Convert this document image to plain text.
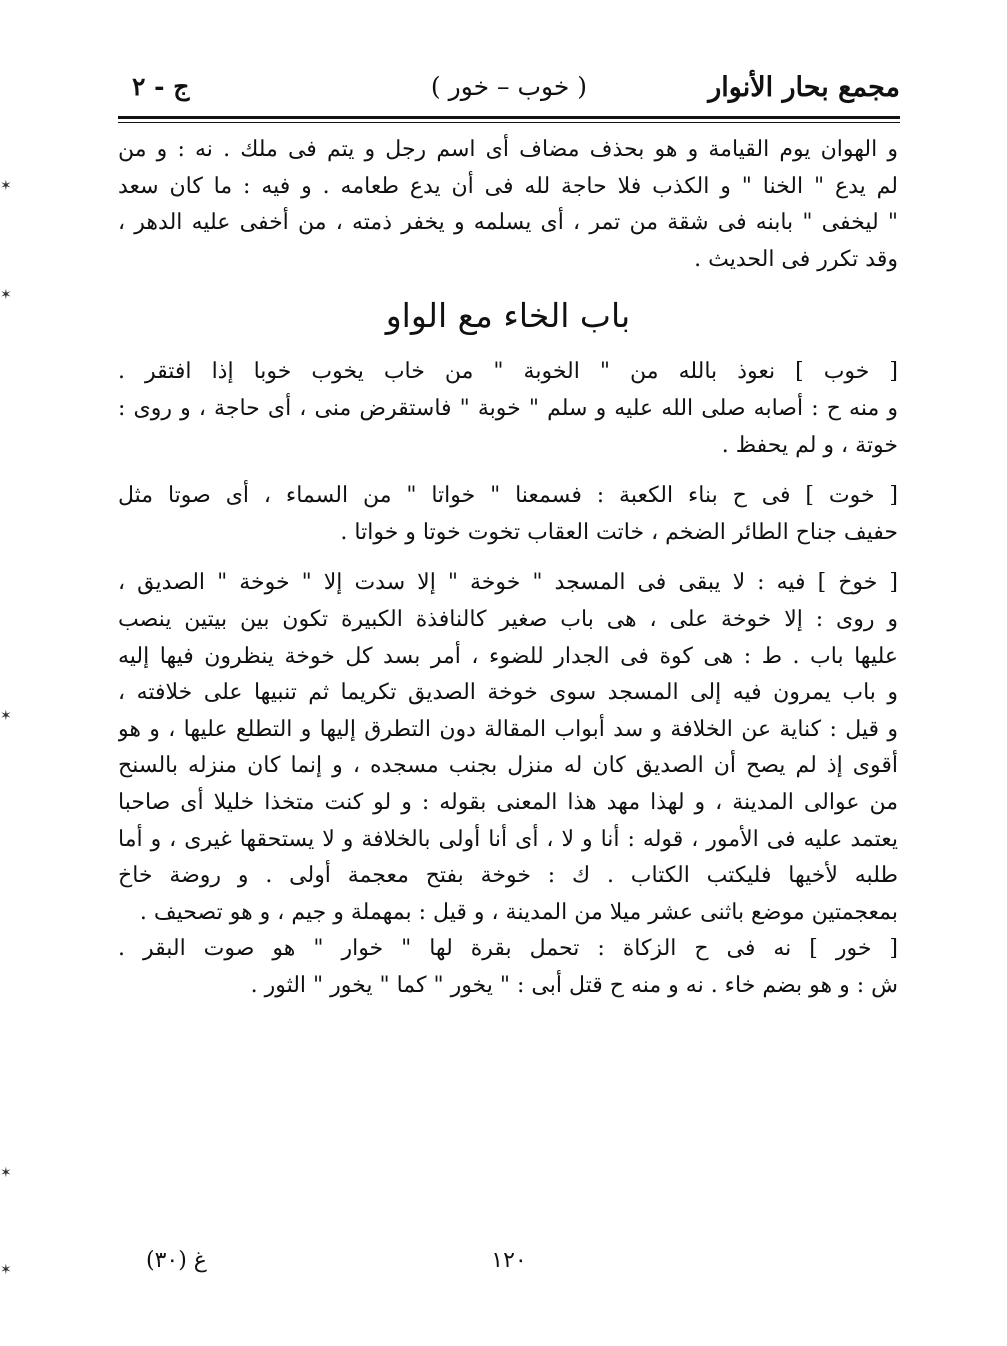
مجمع بحار الأنوار
( خوب – خور )
ج - ٢
و الهوان يوم القيامة و هو بحذف مضاف أى اسم رجل و يتم فى ملك . نه : و من
لم يدع " الخنا " و الكذب فلا حاجة لله فى أن يدع طعامه . و فيه : ما كان سعد
" ليخفى " بابنه فى شقة من تمر ، أى يسلمه و يخفر ذمته ، من أخفى عليه الدهر ،
وقد تكرر فى الحديث .
باب الخاء مع الواو
[ خوب ] نعوذ بالله من " الخوبة " من خاب يخوب خوبا إذا افتقر .
و منه ح : أصابه صلى الله عليه و سلم " خوبة " فاستقرض منى ، أى حاجة ، و روى :
خوتة ، و لم يحفظ .
[ خوت ] فى ح بناء الكعبة : فسمعنا " خواتا " من السماء ، أى صوتا مثل
حفيف جناح الطائر الضخم ، خاتت العقاب تخوت خوتا و خواتا .
[ خوخ ] فيه : لا يبقى فى المسجد " خوخة " إلا سدت إلا " خوخة " الصديق ،
و روى : إلا خوخة على ، هى باب صغير كالنافذة الكبيرة تكون بين بيتين ينصب
عليها باب . ط : هى كوة فى الجدار للضوء ، أمر بسد كل خوخة ينظرون فيها إليه
و باب يمرون فيه إلى المسجد سوى خوخة الصديق تكريما ثم تنبيها على خلافته ،
و قيل : كناية عن الخلافة و سد أبواب المقالة دون التطرق إليها و التطلع عليها ، و هو
أقوى إذ لم يصح أن الصديق كان له منزل بجنب مسجده ، و إنما كان منزله بالسنح
من عوالى المدينة ، و لهذا مهد هذا المعنى بقوله : و لو كنت متخذا خليلا أى صاحبا
يعتمد عليه فى الأمور ، قوله : أنا و لا ، أى أنا أولى بالخلافة و لا يستحقها غيرى ، و أما
طلبه لأخيها فليكتب الكتاب . ك : خوخة بفتح معجمة أولى . و روضة خاخ
بمعجمتين موضع باثنى عشر ميلا من المدينة ، و قيل : بمهملة و جيم ، و هو تصحيف .
[ خور ] نه فى ح الزكاة : تحمل بقرة لها " خوار " هو صوت البقر .
ش : و هو بضم خاء . نه و منه ح قتل أبى : " يخور " كما " يخور " الثور .
١٢٠
غ (٣٠)
✶
✶
✶
✶
✶
